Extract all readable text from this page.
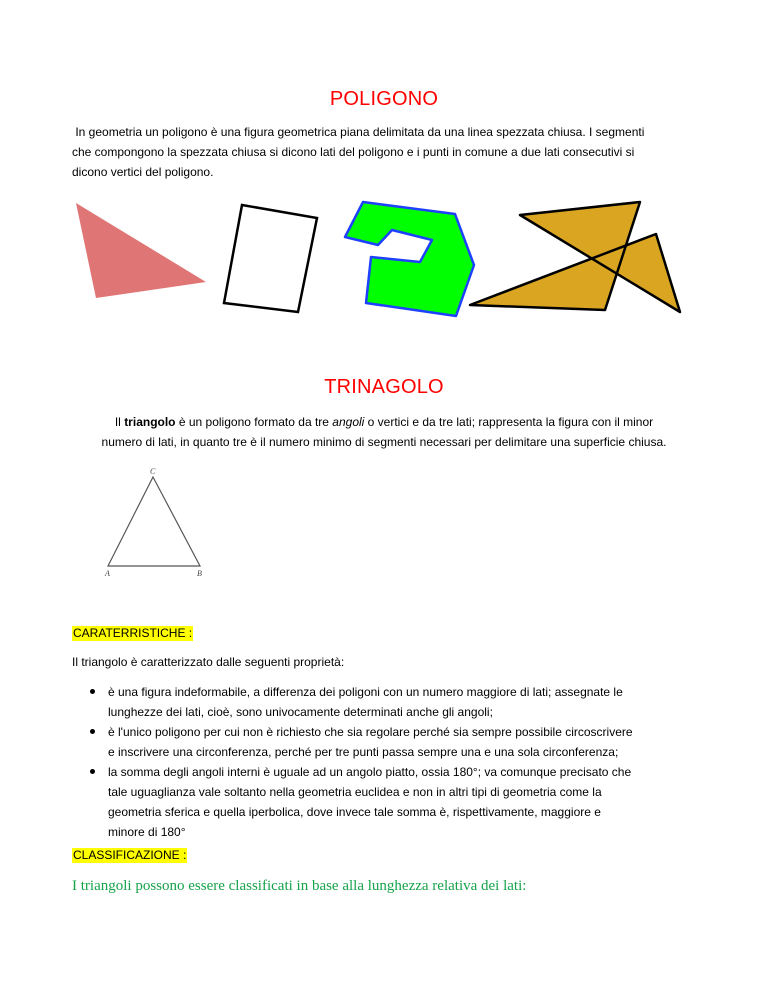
POLIGONO

In geometria un poligono è una figura geometrica piana delimitata da una linea spezzata chiusa. I segmenti

che compongono la spezzata chiusa si dicono lati del poligono e i punti in comune a due lati consecutivi si

dicono vertici del poligono.

TRINAGOLO

Il triangolo è un poligono formato da tre angoli o vertici e da tre lati; rappresenta la figura con il minor

numero di lati, in quanto tre è il numero minimo di segmenti necessari per delimitare una superficie chiusa.

C
A	B
CARATERRISTICHE :

Il triangolo è caratterizzato dalle seguenti proprietà:

è una figura indeformabile, a differenza dei poligoni con un numero maggiore di lati; assegnate le
lunghezze dei lati, cioè, sono univocamente determinati anche gli angoli;
è l'unico poligono per cui non è richiesto che sia regolare perché sia sempre possibile circoscrivere
e inscrivere una circonferenza, perché per tre punti passa sempre una e una sola circonferenza;
la somma degli angoli interni è uguale ad un angolo piatto, ossia 180°; va comunque precisato che
tale uguaglianza vale soltanto nella geometria euclidea e non in altri tipi di geometria come la
geometria sferica e quella iperbolica, dove invece tale somma è, rispettivamente, maggiore e
minore di 180°
CLASSIFICAZIONE :
I triangoli possono essere classificati in base alla lunghezza relativa dei lati:
